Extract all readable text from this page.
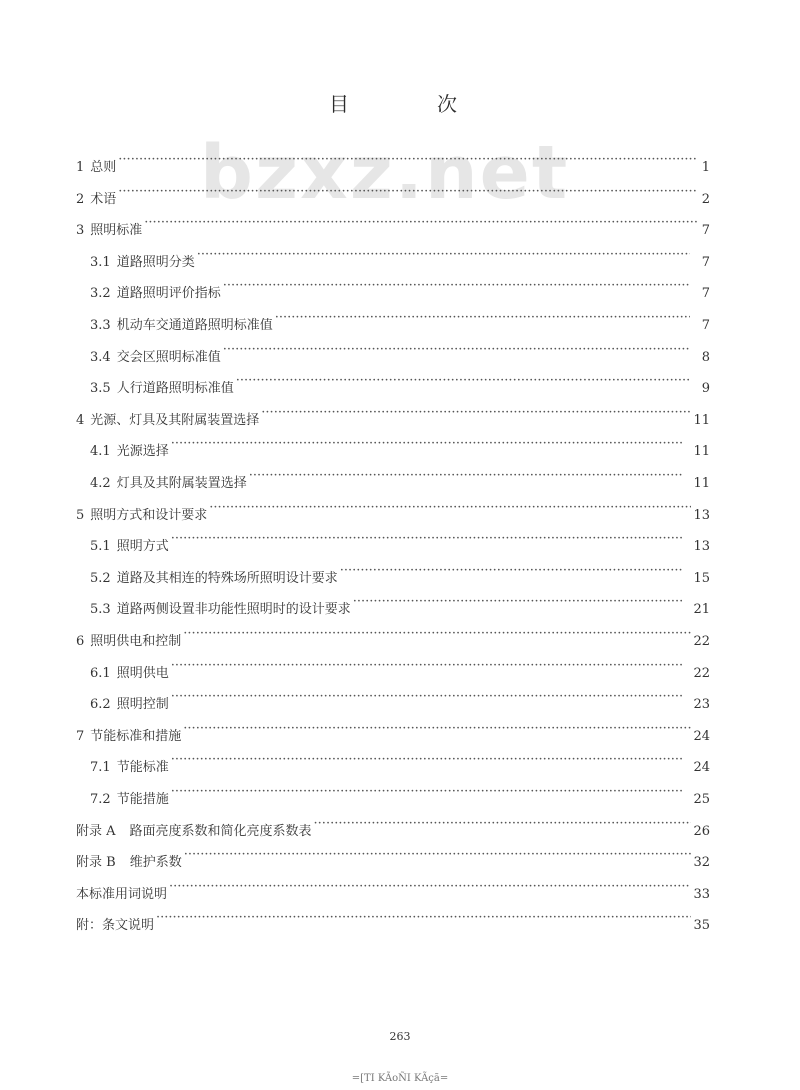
bzxz.net
目　次
1 总则 ·····	1
2 术语 ·····	2
3 照明标准 ·····	7
3.1 道路照明分类 ·····	7
3.2 道路照明评价指标 ·····	7
3.3 机动车交通道路照明标准值 ·····	7
3.4 交会区照明标准值 ·····	8
3.5 人行道路照明标准值 ·····	9
4 光源、灯具及其附属装置选择 ·····	11
4.1 光源选择 ·····	11
4.2 灯具及其附属装置选择 ·····	11
5 照明方式和设计要求 ·····	13
5.1 照明方式 ·····	13
5.2 道路及其相连的特殊场所照明设计要求 ·····	15
5.3 道路两侧设置非功能性照明时的设计要求 ·····	21
6 照明供电和控制 ·····	22
6.1 照明供电 ·····	22
6.2 照明控制 ·····	23
7 节能标准和措施 ·····	24
7.1 节能标准 ·····	24
7.2 节能措施 ·····	25
附录 A 路面亮度系数和简化亮度系数表 ·····	26
附录 B 维护系数 ·····	32
本标准用词说明 ·····	33
附：条文说明 ·····	35
263
=[TI KÃoÑI KÃçã=
